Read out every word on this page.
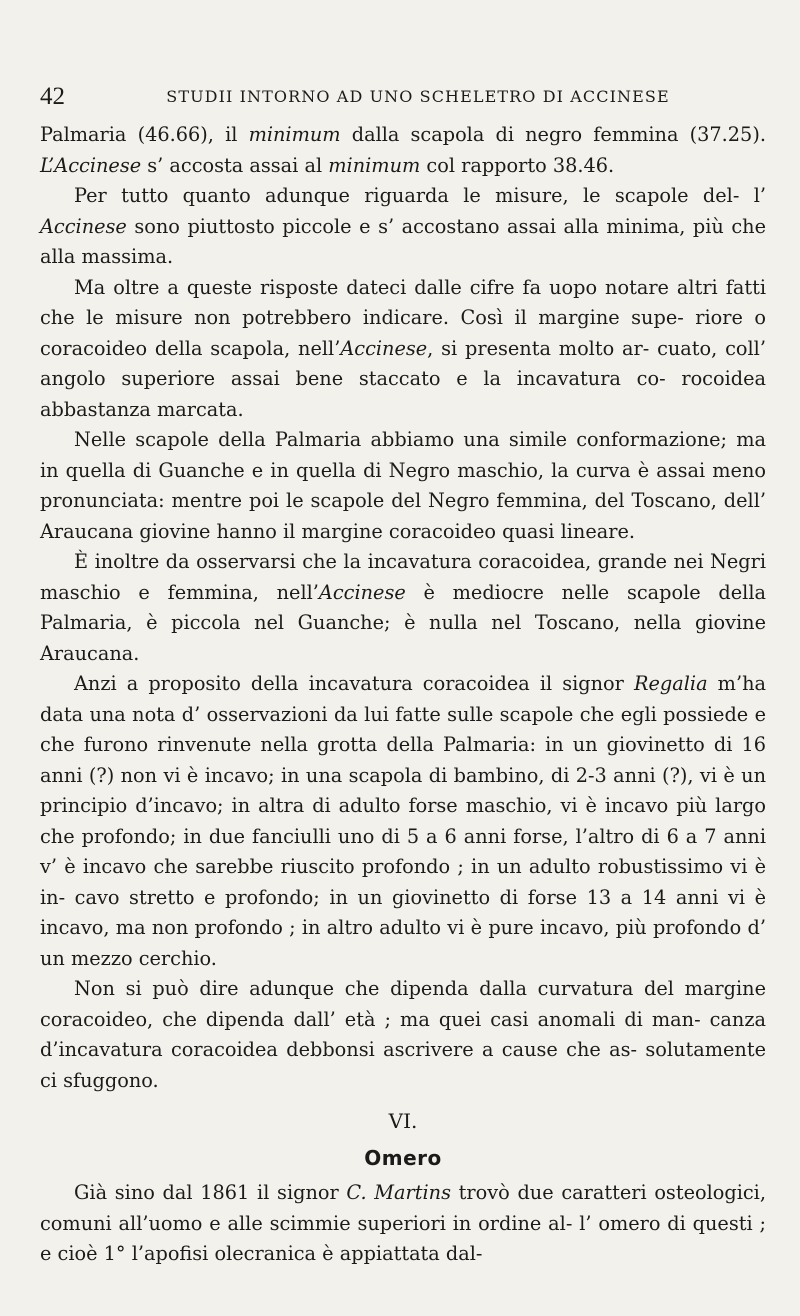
42	STUDII INTORNO AD UNO SCHELETRO DI ACCINESE

Palmaria (46.66), il minimum dalla scapola di negro femmina (37.25). L’Accinese s’ accosta assai al minimum col rapporto 38.46.

Per tutto quanto adunque riguarda le misure, le scapole del- l’ Accinese sono piuttosto piccole e s’ accostano assai alla minima, più che alla massima.

Ma oltre a queste risposte dateci dalle cifre fa uopo notare altri fatti che le misure non potrebbero indicare. Così il margine supe- riore o coracoideo della scapola, nell’Accinese, si presenta molto ar- cuato, coll’ angolo superiore assai bene staccato e la incavatura co- rocoidea abbastanza marcata.

Nelle scapole della Palmaria abbiamo una simile conformazione; ma in quella di Guanche e in quella di Negro maschio, la curva è assai meno pronunciata: mentre poi le scapole del Negro femmina, del Toscano, dell’ Araucana giovine hanno il margine coracoideo quasi lineare.

È inoltre da osservarsi che la incavatura coracoidea, grande nei Negri maschio e femmina, nell’Accinese è mediocre nelle scapole della Palmaria, è piccola nel Guanche; è nulla nel Toscano, nella giovine Araucana.

Anzi a proposito della incavatura coracoidea il signor Regalia m’ha data una nota d’ osservazioni da lui fatte sulle scapole che egli possiede e che furono rinvenute nella grotta della Palmaria: in un giovinetto di 16 anni (?) non vi è incavo; in una scapola di bambino, di 2-3 anni (?), vi è un principio d’incavo; in altra di adulto forse maschio, vi è incavo più largo che profondo; in due fanciulli uno di 5 a 6 anni forse, l’altro di 6 a 7 anni v’ è incavo che sarebbe riuscito profondo ; in un adulto robustissimo vi è in- cavo stretto e profondo; in un giovinetto di forse 13 a 14 anni vi è incavo, ma non profondo ; in altro adulto vi è pure incavo, più profondo d’ un mezzo cerchio.

Non si può dire adunque che dipenda dalla curvatura del margine coracoideo, che dipenda dall’ età ; ma quei casi anomali di man- canza d’incavatura coracoidea debbonsi ascrivere a cause che as- solutamente ci sfuggono.

VI.
Omero

Già sino dal 1861 il signor C. Martins trovò due caratteri osteologici, comuni all’uomo e alle scimmie superiori in ordine al- l’ omero di questi ; e cioè 1° l’apofisi olecranica è appiattata dal-
